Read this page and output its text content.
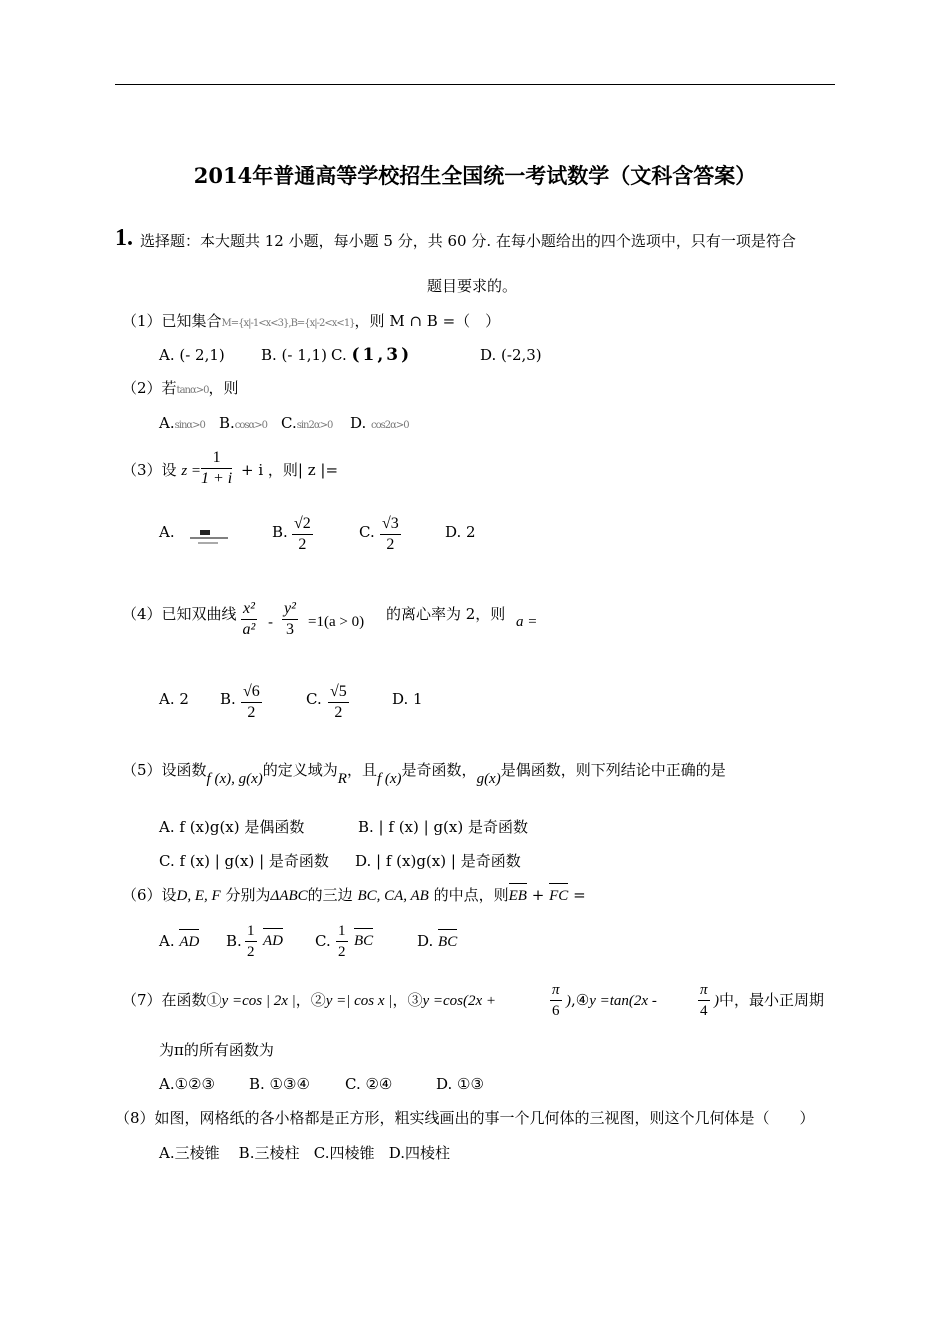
2014年普通高等学校招生全国统一考试数学（文科含答案）
1. 选择题：本大题共 12 小题，每小题 5 分，共 60 分. 在每小题给出的四个选项中，只有一项是符合
题目要求的。
（1）已知集合M={x|-1<x<3},B={x|-2<x<1}，则 M ∩ B =（　）
A. (- 2,1) B. (- 1,1) C. (1,3)	D. (-2,3)
（2）若tanα>0，则
A.sinα>0 B.cosα>0 C.sin2α>0 D. cos2α>0
（3）设 $z = \frac{1}{1 + i} + i$ ，则| z |=
A.	B. $\frac{√2}{2}$	C. $\frac{√3}{2}$	D. 2
（4）已知双曲线 $\frac{\text{x²}}{\text{a²}} - \frac{\text{y²}}{3} =1(a > 0)$ 的离心率为 2，则 a =
A. 2 B. $\frac{√6}{2}$	C. $\frac{√5}{2}$	D. 1
（5）设函数f (x), g(x)的定义域为R，且f (x)是奇函数，g(x)是偶函数，则下列结论中正确的是
A. f (x)g(x) 是偶函数	B. | f (x) | g(x) 是奇函数
C. f (x) | g(x) | 是奇函数 D. | f (x)g(x) | 是奇函数
（6）设D, E, F 分别为ΔABC的三边 BC, CA, AB 的中点，则EB + FC =
A. AD B. $\frac{1}{2}$ AD C. $\frac{1}{2}$ BC	D. BC
（7）在函数①y =cos | 2x |，②y =| cos x |，③y =cos(2x +	$\frac{\pi}{6}$ ),④y =tan(2x -	$\frac{\pi}{4}$ )中，最小正周期
为π的所有函数为
A.①②③ B. ①③④ C. ②④	D. ①③
（8）如图，网格纸的各小格都是正方形，粗实线画出的事一个几何体的三视图，则这个几何体是（　　）
A.三棱锥    B.三棱柱   C.四棱锥   D.四棱柱
